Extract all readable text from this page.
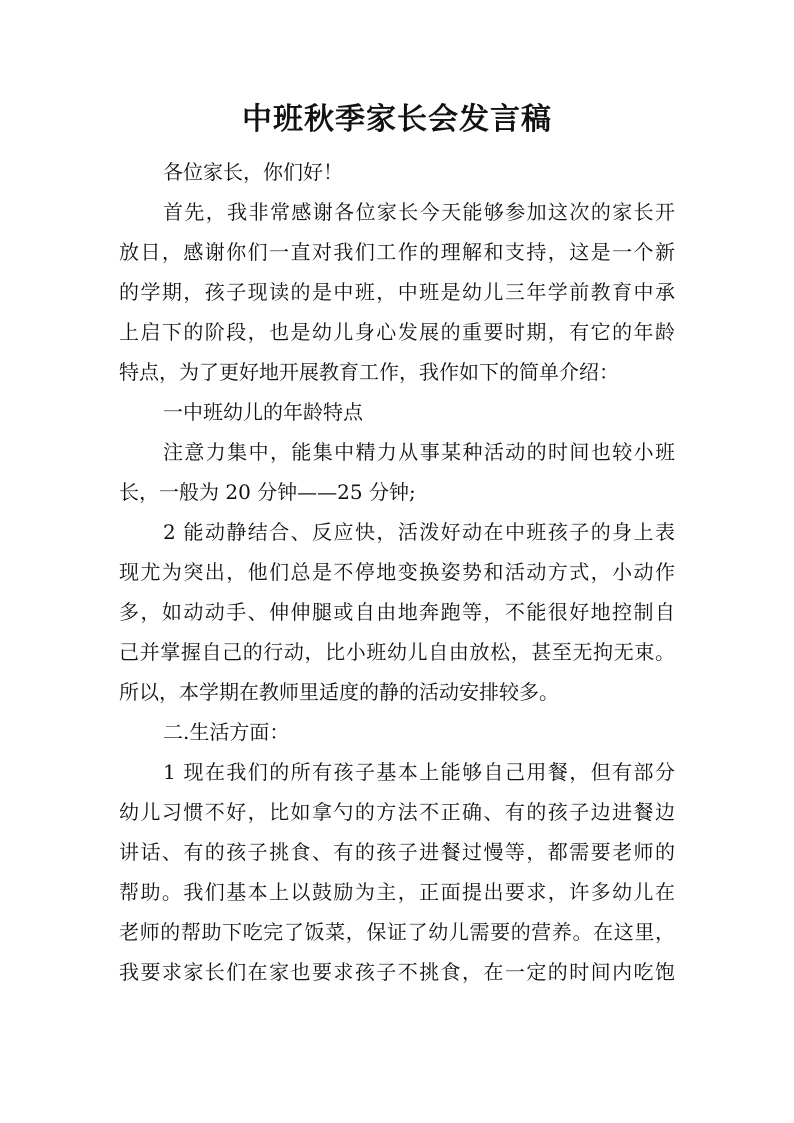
中班秋季家长会发言稿
各位家长，你们好！
首先，我非常感谢各位家长今天能够参加这次的家长开
放日，感谢你们一直对我们工作的理解和支持，这是一个新
的学期，孩子现读的是中班，中班是幼儿三年学前教育中承
上启下的阶段，也是幼儿身心发展的重要时期，有它的年龄
特点，为了更好地开展教育工作，我作如下的简单介绍：
一中班幼儿的年龄特点
注意力集中，能集中精力从事某种活动的时间也较小班
长，一般为 20 分钟——25 分钟;
2 能动静结合、反应快，活泼好动在中班孩子的身上表
现尤为突出，他们总是不停地变换姿势和活动方式，小动作
多，如动动手、伸伸腿或自由地奔跑等，不能很好地控制自
己并掌握自己的行动，比小班幼儿自由放松，甚至无拘无束。
所以，本学期在教师里适度的静的活动安排较多。
二.生活方面：
1 现在我们的所有孩子基本上能够自己用餐，但有部分
幼儿习惯不好，比如拿勺的方法不正确、有的孩子边进餐边
讲话、有的孩子挑食、有的孩子进餐过慢等，都需要老师的
帮助。我们基本上以鼓励为主，正面提出要求，许多幼儿在
老师的帮助下吃完了饭菜，保证了幼儿需要的营养。在这里，
我要求家长们在家也要求孩子不挑食，在一定的时间内吃饱
